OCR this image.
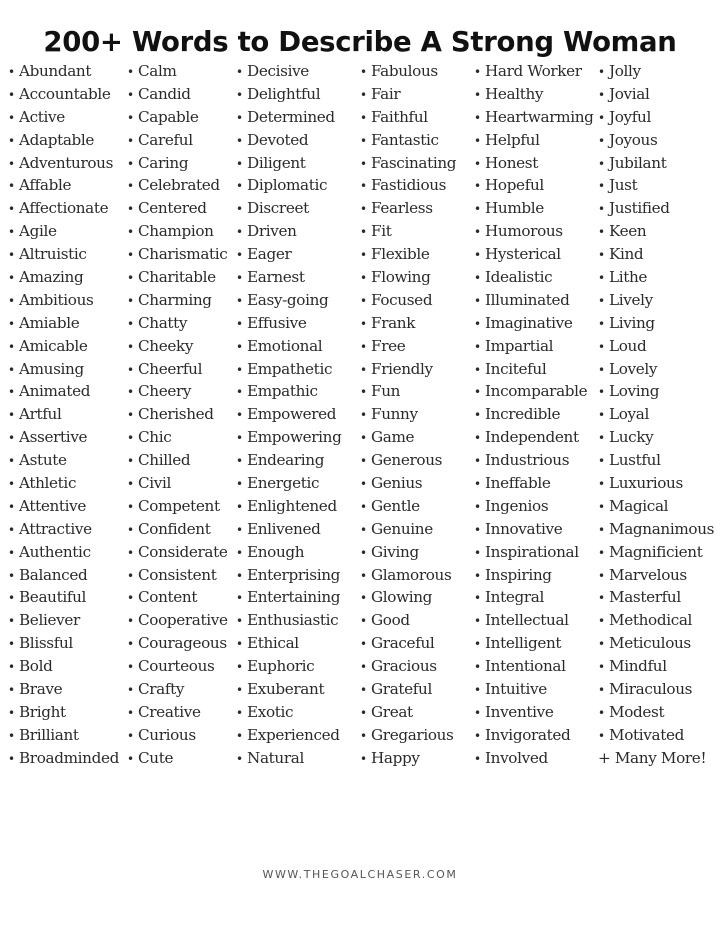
200+ Words to Describe A Strong Woman
• Abundant
• Accountable
• Active
• Adaptable
• Adventurous
• Affable
• Affectionate
• Agile
• Altruistic
• Amazing
• Ambitious
• Amiable
• Amicable
• Amusing
• Animated
• Artful
• Assertive
• Astute
• Athletic
• Attentive
• Attractive
• Authentic
• Balanced
• Beautiful
• Believer
• Blissful
• Bold
• Brave
• Bright
• Brilliant
• Broadminded
• Calm
• Candid
• Capable
• Careful
• Caring
• Celebrated
• Centered
• Champion
• Charismatic
• Charitable
• Charming
• Chatty
• Cheeky
• Cheerful
• Cheery
• Cherished
• Chic
• Chilled
• Civil
• Competent
• Confident
• Considerate
• Consistent
• Content
• Cooperative
• Courageous
• Courteous
• Crafty
• Creative
• Curious
• Cute
• Decisive
• Delightful
• Determined
• Devoted
• Diligent
• Diplomatic
• Discreet
• Driven
• Eager
• Earnest
• Easy-going
• Effusive
• Emotional
• Empathetic
• Empathic
• Empowered
• Empowering
• Endearing
• Energetic
• Enlightened
• Enlivened
• Enough
• Enterprising
• Entertaining
• Enthusiastic
• Ethical
• Euphoric
• Exuberant
• Exotic
• Experienced
• Natural
• Fabulous
• Fair
• Faithful
• Fantastic
• Fascinating
• Fastidious
• Fearless
• Fit
• Flexible
• Flowing
• Focused
• Frank
• Free
• Friendly
• Fun
• Funny
• Game
• Generous
• Genius
• Gentle
• Genuine
• Giving
• Glamorous
• Glowing
• Good
• Graceful
• Gracious
• Grateful
• Great
• Gregarious
• Happy
• Hard Worker
• Healthy
• Heartwarming
• Helpful
• Honest
• Hopeful
• Humble
• Humorous
• Hysterical
• Idealistic
• Illuminated
• Imaginative
• Impartial
• Inciteful
• Incomparable
• Incredible
• Independent
• Industrious
• Ineffable
• Ingenios
• Innovative
• Inspirational
• Inspiring
• Integral
• Intellectual
• Intelligent
• Intentional
• Intuitive
• Inventive
• Invigorated
• Involved
• Jolly
• Jovial
• Joyful
• Joyous
• Jubilant
• Just
• Justified
• Keen
• Kind
• Lithe
• Lively
• Living
• Loud
• Lovely
• Loving
• Loyal
• Lucky
• Lustful
• Luxurious
• Magical
• Magnanimous
• Magnificient
• Marvelous
• Masterful
• Methodical
• Meticulous
• Mindful
• Miraculous
• Modest
• Motivated
+ Many More!
WWW.THEGOALCHASER.COM
